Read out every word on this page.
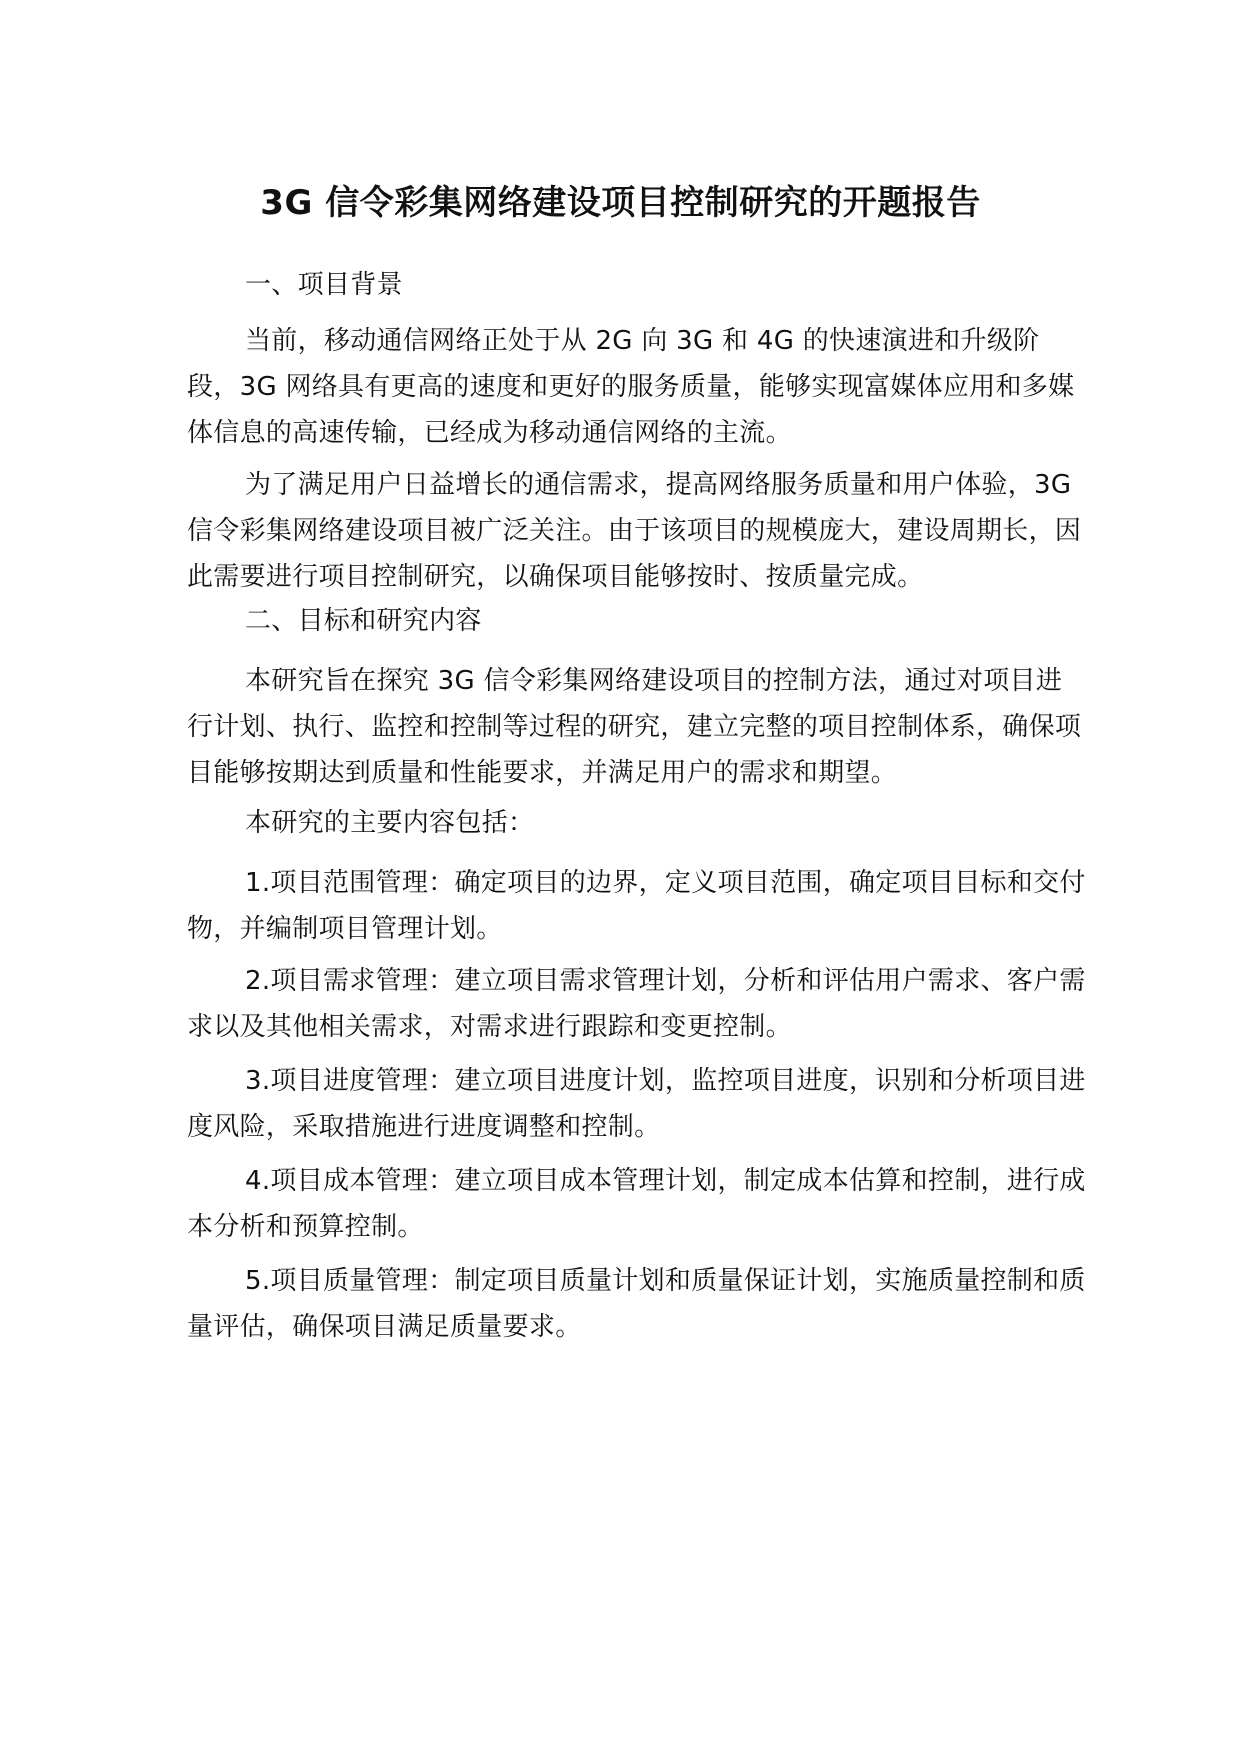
3G 信令彩集网络建设项目控制研究的开题报告

一、项目背景

当前，移动通信网络正处于从 2G 向 3G 和 4G 的快速演进和升级阶段，3G 网络具有更高的速度和更好的服务质量，能够实现富媒体应用和多媒体信息的高速传输，已经成为移动通信网络的主流。

为了满足用户日益增长的通信需求，提高网络服务质量和用户体验，3G 信令彩集网络建设项目被广泛关注。由于该项目的规模庞大，建设周期长，因此需要进行项目控制研究，以确保项目能够按时、按质量完成。

二、目标和研究内容

本研究旨在探究 3G 信令彩集网络建设项目的控制方法，通过对项目进行计划、执行、监控和控制等过程的研究，建立完整的项目控制体系，确保项目能够按期达到质量和性能要求，并满足用户的需求和期望。

本研究的主要内容包括：

1.项目范围管理：确定项目的边界，定义项目范围，确定项目目标和交付物，并编制项目管理计划。

2.项目需求管理：建立项目需求管理计划，分析和评估用户需求、客户需求以及其他相关需求，对需求进行跟踪和变更控制。

3.项目进度管理：建立项目进度计划，监控项目进度，识别和分析项目进度风险，采取措施进行进度调整和控制。

4.项目成本管理：建立项目成本管理计划，制定成本估算和控制，进行成本分析和预算控制。

5.项目质量管理：制定项目质量计划和质量保证计划，实施质量控制和质量评估，确保项目满足质量要求。
